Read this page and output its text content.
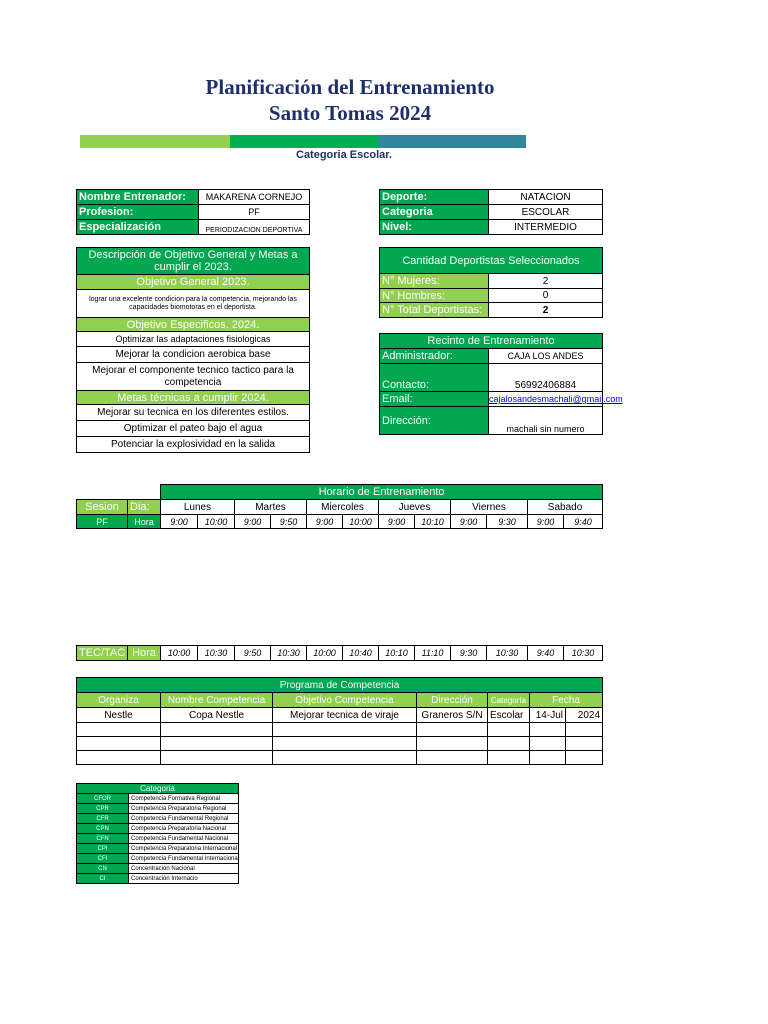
Planificación del Entrenamiento
Santo Tomas 2024
Categoria Escolar.
Nombre Entrenador:	MAKARENA CORNEJO
Profesion:	PF
Especialización	PERIODIZACION DEPORTIVA
Deporte:	NATACION
Categoria	ESCOLAR
Nivel:	INTERMEDIO
Descripción de Objetivo General y Metas a cumplir el 2023.
Objetivo General 2023.
lograr una excelente condicion para la competencia, mejorando las capacidades biomotoras en el deportista.
Objetivo Especificos. 2024.
Optimizar las adaptaciones fisiologicas
Mejorar la condicion aerobica base
Mejorar el componente tecnico tactico para la competencia
Metas técnicas a cumplir 2024.
Mejorar su tecnica en los diferentes estilos.
Optimizar el pateo bajo el agua
Potenciar la explosividad en la salida
Cantidad Deportistas Seleccionados	
N° Mujeres:	2
N° Hombres:	0
N° Total Deportistas:	2
Recinto de Entrenamiento	
Administrador:	CAJA LOS ANDES
Contacto:	56992406884
Email:	cajalosandesmachali@gmail.com
Dirección:	machali sin numero
		Horario de Entrenamiento											
Sesion	Dia:	Lunes		Martes		Miercoles		Jueves		Viernes		Sabado	
PF	Hora	9:00	10:00	9:00	9:50	9:00	10:00	9:00	10:10	9:00	9:30	9:00	9:40
TEC/TAC	Hora	10:00	10:30	9:50	10:30	10:00	10:40	10:10	11:10	9:30	10:30	9:40	10:30
Programa de Competencia						
Organiza	Nombre Competencia	Objetivo Competencia	Dirección	Categoría	Fecha	
Nestle	Copa Nestle	Mejorar tecnica de viraje	Graneros S/N	Escolar	14-Jul	2024

Categoria	
CFOR	Competencia Formativa Regional
CPR	Competencia Preparatoria Regional
CFR	Competencia Fundamental Regional
CPN	Competencia Preparatoria Nacional
CFN	Competencia Fundamental Nacional
CPI	Competencia Preparatoria Internacional
CFI	Competencia Fundamental Internacional
CN	Concentración Nacional
CI	Concentración Internacio
